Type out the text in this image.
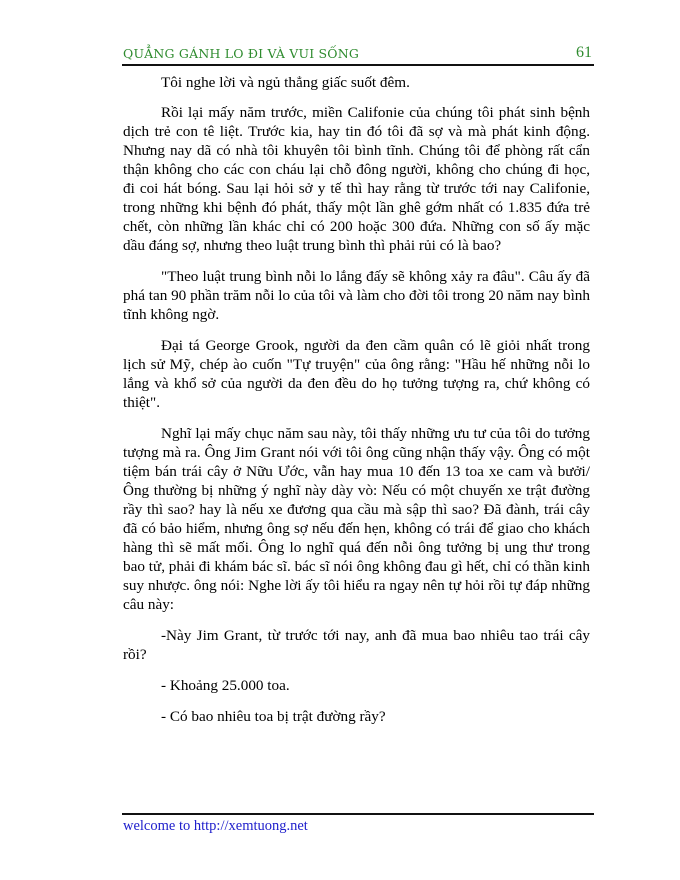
QUẲNG GÁNH LO ĐI VÀ VUI SỐNG	61

Tôi nghe lời và ngủ thẳng giấc suốt đêm.

Rồi lại mấy năm trước, miền Califonie của chúng tôi phát sinh bệnh dịch trẻ con tê liệt. Trước kia, hay tin đó tôi đã sợ và mà phát kinh động. Nhưng nay dã có nhà tôi khuyên tôi bình tĩnh. Chúng tôi để phòng rất cẩn thận không cho các con cháu lại chỗ đông người, không cho chúng đi học, đi coi hát bóng. Sau lại hỏi sở y tế thì hay rằng từ trước tới nay Califonie, trong những khi bệnh đó phát, thấy một lần ghê gớm nhất có 1.835 đứa trẻ chết, còn những lần khác chỉ có 200 hoặc 300 đứa. Những con số ấy mặc dầu đáng sợ, nhưng theo luật trung bình thì phải rủi có là bao?

"Theo luật trung bình nỗi lo lắng đấy sẽ không xảy ra đâu". Câu ấy đã phá tan 90 phần trăm nỗi lo của tôi và làm cho đời tôi trong 20 năm nay bình tĩnh không ngờ.

Đại tá George Grook, người da đen cầm quân có lẽ giỏi nhất trong lịch sử Mỹ, chép ào cuốn "Tự truyện" của ông rằng: "Hầu hế những nỗi lo lắng và khổ sở của người da đen đều do họ tưởng tượng ra, chứ không có thiệt".

Nghĩ lại mấy chục năm sau này, tôi thấy những ưu tư của tôi do tưởng tượng mà ra. Ông Jim Grant nói với tôi ông cũng nhận thấy vậy. Ông có một tiệm bán trái cây ở Nữu Ước, vẫn hay mua 10 đến 13 toa xe cam và bưởi/ Ông thường bị những ý nghĩ này dày vò: Nếu có một chuyến xe trật đường rầy thì sao? hay là nếu xe đương qua cầu mà sập thì sao? Đã đành, trái cây đã có bảo hiểm, nhưng ông sợ nếu đến hẹn, không có trái để giao cho khách hàng thì sẽ mất mối. Ông lo nghĩ quá đến nỗi ông tưởng bị ung thư trong bao tử, phải đi khám bác sĩ. bác sĩ nói ông không đau gì hết, chỉ có thần kinh suy nhược. ông nói: Nghe lời ấy tôi hiểu ra ngay nên tự hỏi rồi tự đáp những câu này:

-Này Jim Grant, từ trước tới nay, anh đã mua bao nhiêu tao trái cây rồi?

- Khoảng 25.000 toa.

- Có bao nhiêu toa bị trật đường rầy?

welcome to http://xemtuong.net
